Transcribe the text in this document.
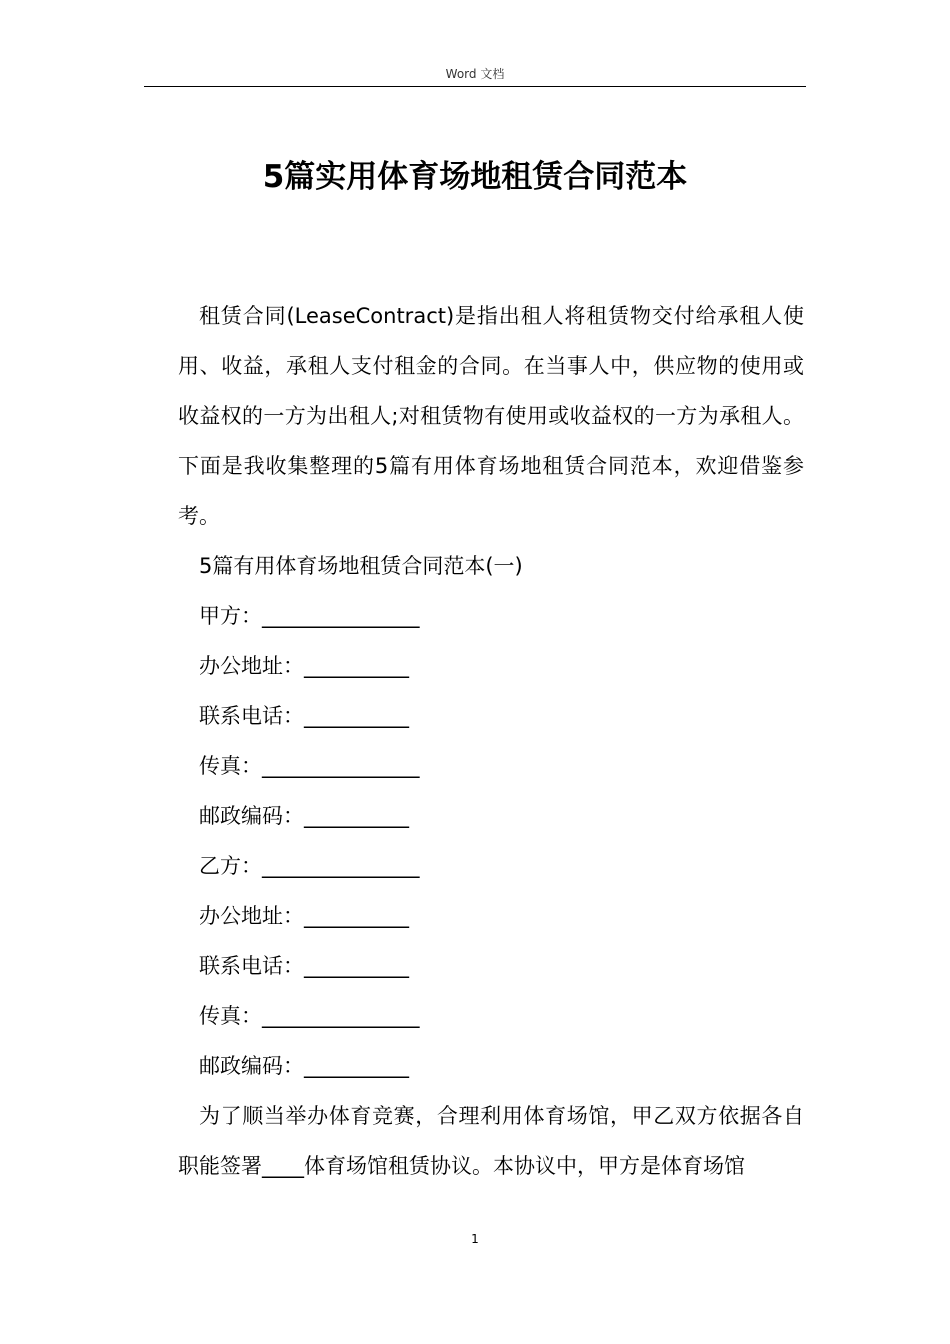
Word 文档
5篇实用体育场地租赁合同范本

租赁合同(LeaseContract)是指出租人将租赁物交付给承租人使用、收益，承租人支付租金的合同。在当事人中，供应物的使用或收益权的一方为出租人;对租赁物有使用或收益权的一方为承租人。下面是我收集整理的5篇有用体育场地租赁合同范本，欢迎借鉴参考。

5篇有用体育场地租赁合同范本(一)

甲方：_______________

办公地址：__________

联系电话：__________

传真：_______________

邮政编码：__________

乙方：_______________

办公地址：__________

联系电话：__________

传真：_______________

邮政编码：__________

为了顺当举办体育竞赛，合理利用体育场馆，甲乙双方依据各自职能签署____体育场馆租赁协议。本协议中，甲方是体育场馆

1
